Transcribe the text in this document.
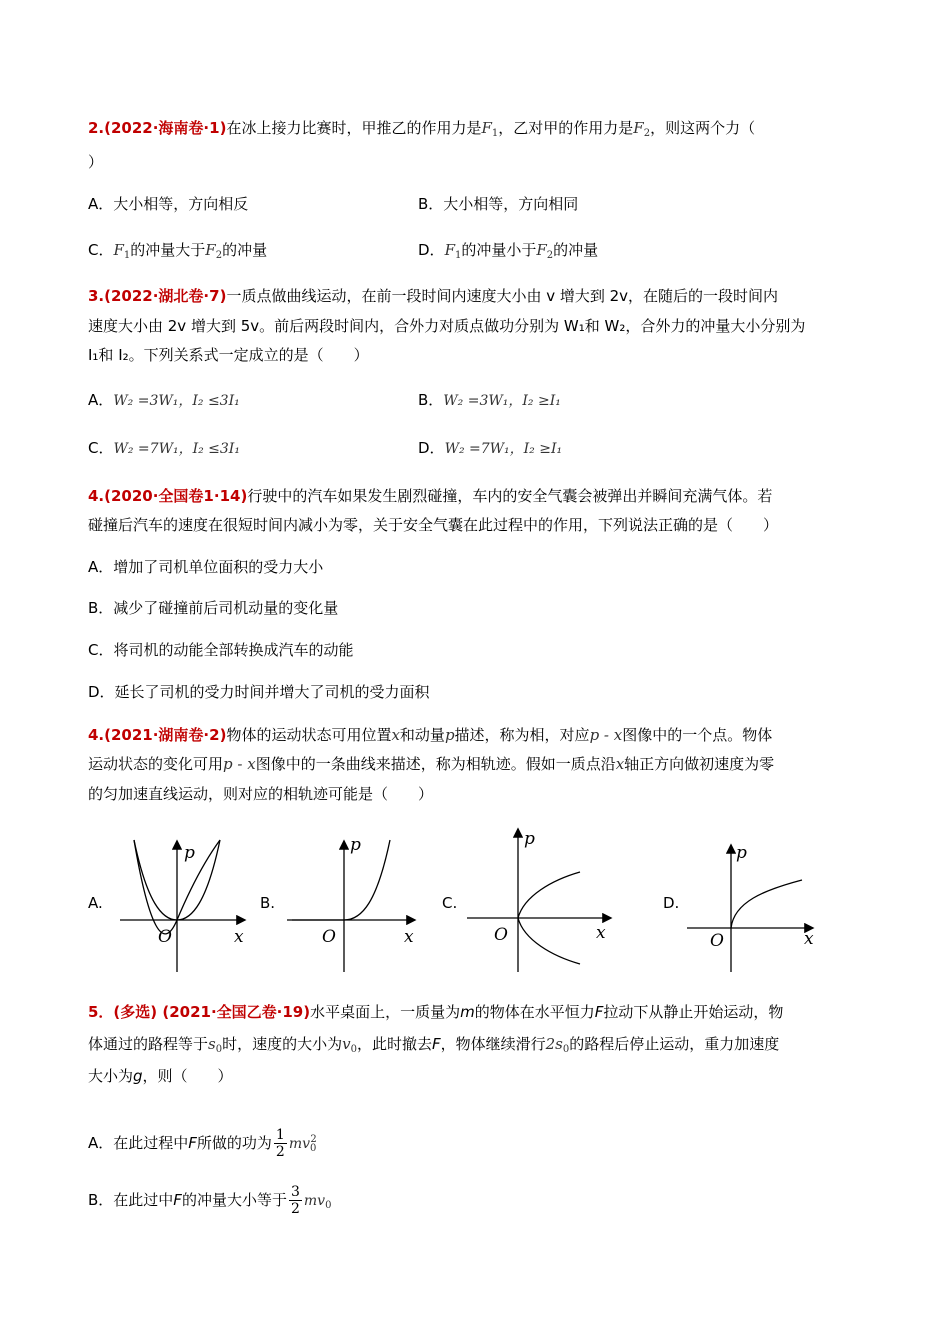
2.(2022·海南卷·1)在冰上接力比赛时，甲推乙的作用力是$F_1$，乙对甲的作用力是$F_2$，则这两个力（
）
A．大小相等，方向相反	B．大小相等，方向相同
C．$F_1$的冲量大于$F_2$的冲量	D．$F_1$的冲量小于$F_2$的冲量
3.(2022·湖北卷·7)一质点做曲线运动，在前一段时间内速度大小由 v 增大到 2v，在随后的一段时间内
速度大小由 2v 增大到 5v。前后两段时间内，合外力对质点做功分别为 W₁和 W₂，合外力的冲量大小分别为
I₁和 I₂。下列关系式一定成立的是（　　）
A．W₂ =3W₁，I₂ ≤3I₁	B．W₂ =3W₁，I₂ ≥I₁
C．W₂ =7W₁，I₂ ≤3I₁	D．W₂ =7W₁，I₂ ≥I₁
4.(2020·全国卷1·14)行驶中的汽车如果发生剧烈碰撞，车内的安全气囊会被弹出并瞬间充满气体。若
碰撞后汽车的速度在很短时间内减小为零，关于安全气囊在此过程中的作用，下列说法正确的是（　　）
A．增加了司机单位面积的受力大小
B．减少了碰撞前后司机动量的变化量
C．将司机的动能全部转换成汽车的动能
D．延长了司机的受力时间并增大了司机的受力面积
4.(2021·湖南卷·2)物体的运动状态可用位置x和动量p描述，称为相，对应p - x图像中的一个点。物体
运动状态的变化可用p - x图像中的一条曲线来描述，称为相轨迹。假如一质点沿x轴正方向做初速度为零
的匀加速直线运动，则对应的相轨迹可能是（　　）
A.
p
O	x
B.
p
O	x
C.
p
O	x
D.
p
O	x
5．(多选) (2021·全国乙卷·19)水平桌面上，一质量为m的物体在水平恒力F拉动下从静止开始运动，物
体通过的路程等于$s_0$时，速度的大小为$v_0$，此时撤去F，物体继续滑行$2s_0$的路程后停止运动，重力加速度
大小为g，则（　　）
A．在此过程中F所做的功为 $\frac{1}{2} mv_0^2$
B．在此过中F的冲量大小等于 $\frac{3}{2} mv_0$
